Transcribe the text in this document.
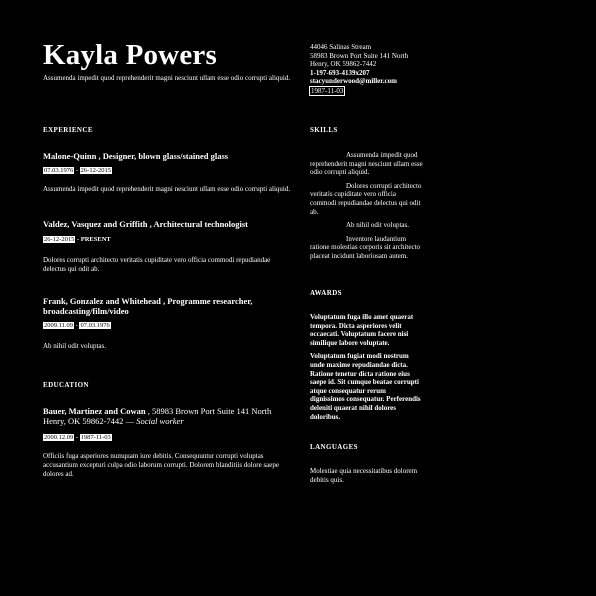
Kayla Powers
Assumenda impedit quod reprehenderit magni nesciunt ullam esse odio corrupti aliquid.
44046 Salinas Stream
58983 Brown Port Suite 141 North
Henry, OK 59862-7442
1-197-693-4139x207
stacyunderwood@miller.com
1987-11-03
EXPERIENCE
Malone-Quinn , Designer, blown glass/stained glass
07.03.1976 - 26-12-2015
Assumenda impedit quod reprehenderit magni nesciunt ullam esse odio corrupti aliquid.
Valdez, Vasquez and Griffith , Architectural technologist
26-12-2015 - PRESENT
Dolores corrupti architecto veritatis cupiditate vero officia commodi repudiandae delectus qui odit ab.
Frank, Gonzalez and Whitehead , Programme researcher, broadcasting/film/video
2009.11.09 - 07.03.1976
Ab nihil odit voluptas.
EDUCATION
Bauer, Martinez and Cowan , 58983 Brown Port Suite 141 North Henry, OK 59862-7442 — Social worker
2000.12.09 - 1987-11-03
Officiis fuga asperiores numquam iure debitis. Consequuntur corrupti voluptas accusantium excepturi culpa odio laborum corrupti. Dolorem blanditiis dolore saepe dolores ad.
SKILLS
Assumenda impedit quod reprehenderit magni nesciunt ullam esse odio corrupti aliquid.
Dolores corrupti architecto veritatis cupiditate vero officia commodi repudiandae delectus qui odit ab.
Ab nihil odit voluptas.
Inventore laudantium ratione molestias corporis sit architecto placeat incidunt laboriosam autem.
AWARDS
Voluptatum fuga illo amet quaerat tempora. Dicta asperiores velit occaecati. Voluptatum facere nisi similique labore voluptate.
Voluptatum fugiat modi nostrum unde maxime repudiandae dicta. Ratione tenetur dicta ratione eius saepe id. Sit cumque beatae corrupti atque consequatur rerum dignissimos consequatur. Perferendis deleniti quaerat nihil dolores doloribus.
LANGUAGES
Molestiae quia necessitatibus dolorem debitis quis.
